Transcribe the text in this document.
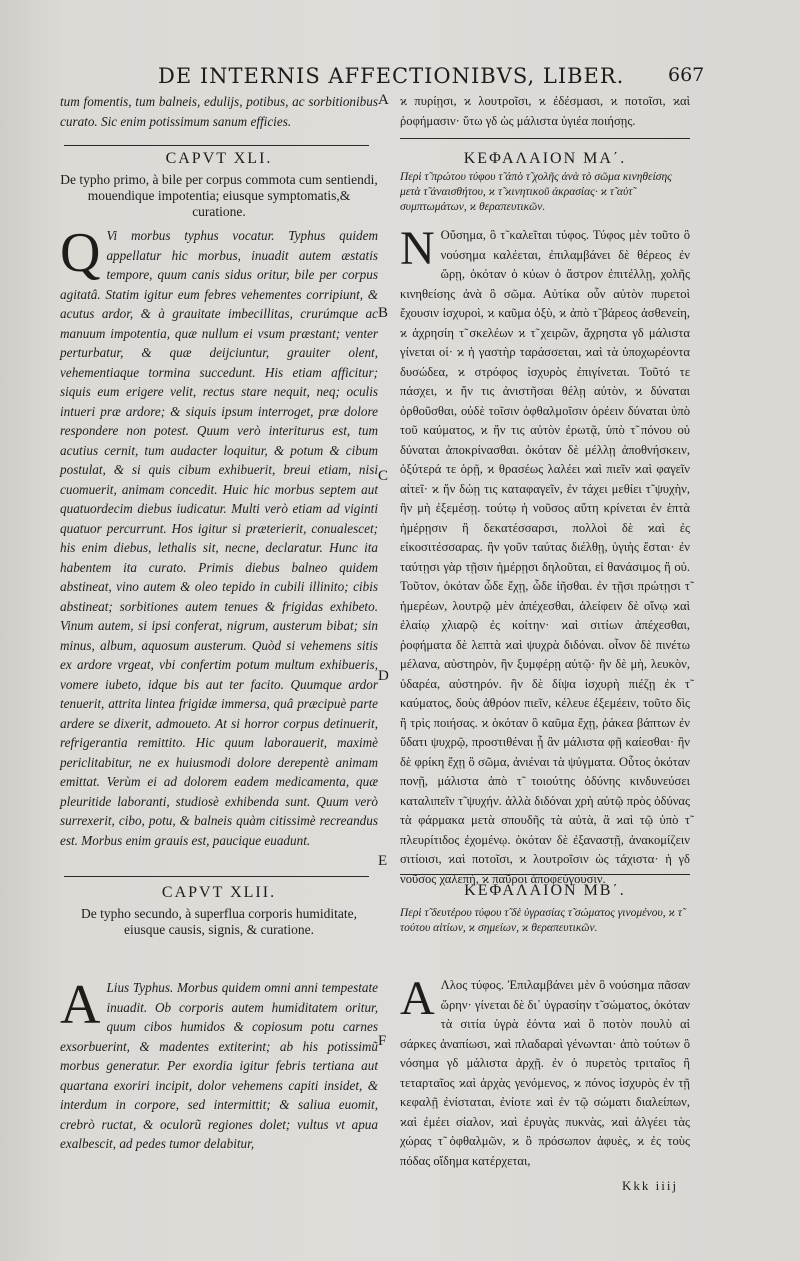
DE INTERNIS AFFECTIONIBVS, LIBER.	667
A
B
C
D
E
F
tum fomentis, tum balneis, edulijs, potibus, ac sorbitionibus curato. Sic enim potissimum sanum efficies.
ϰ πυρίῃσι, ϰ λουτροῖσι, ϰ ἐδέσμασι, ϰ ποτοῖσι, ϰαὶ ῥοφήμασιν· ὕτω γδ ὡς μάλιστα ὑγιέα ποιήσῃς.
CAPVT XLI.
De typho primo, à bile per corpus commota cum sentiendi, mouendique impotentia; eiusque symptomatis,& curatione.
Q Vi morbus typhus vocatur. Typhus quidem appellatur hic morbus, inuadit autem æstatis tempore, quum canis sidus oritur, bile per corpus agitatâ. Statim igitur eum febres vehementes corripiunt, & acutus ardor, & à grauitate imbecillitas, crurúmque ac manuum impotentia, quæ nullum ei vsum præstant; venter perturbatur, & quæ deijciuntur, grauiter olent, vehementiaque tormina succedunt. His etiam afficitur; siquis eum erigere velit, rectus stare nequit, neq; oculis intueri præ ardore; & siquis ipsum interroget, præ dolore respondere non potest. Quum verò interiturus est, tum acutius cernit, tum audacter loquitur, & potum & cibum postulat, & si quis cibum exhibuerit, breui etiam, nisi cuomuerit, animam concedit. Huic hic morbus septem aut quatuordecim diebus iudicatur. Multi verò etiam ad viginti quatuor percurrunt. Hos igitur si præterierit, conualescet; his enim diebus, lethalis sit, necne, declaratur. Hunc ita habentem ita curato. Primis diebus balneo quidem abstineat, vino autem & oleo tepido in cubili illinito; cibis abstineat; sorbitiones autem tenues & frigidas exhibeto. Vinum autem, si ipsi conferat, nigrum, austerum bibat; sin minus, album, aquosum austerum. Quòd si vehemens sitis ex ardore vrgeat, vbi confertim potum multum exhibueris, vomere iubeto, idque bis aut ter facito. Quumque ardor tenuerit, attrita lintea frigidæ immersa, quâ præcipuè parte ardere se dixerit, admoueto. At si horror corpus detinuerit, refrigerantia remittito. Hic quum laborauerit, maximè periclitabitur, ne ex huiusmodi dolore derepentè animam emittat. Verùm ei ad dolorem eadem medicamenta, quæ pleuritide laboranti, studiosè exhibenda sunt. Quum verò surrexerit, cibo, potu, & balneis quàm citissimè recreandus est. Morbus enim grauis est, paucique euadunt.
ΚΕΦΑΛΑΙΟΝ ΜΑ΄.
Περὶ τ̃ πρώτου τύφου τ̃ ἀπὸ τ̃ χολῆς ἀνὰ τὸ σῶμα κινηθείσης μετὰ τ̃ ἀναισθήτου, ϰ τ̃ ϰινητικοῦ ἀκρασίας· ϰ τ̃ αὐτ̃ συμπτωμάτων, ϰ θεραπευτικῶν.
Ν Οὔσημα, ὃ τ̃ καλεῖται τύφος. Τύφος μὲν τοῦτο ὃ νούσημα καλέεται, ἐπιλαμβάνει δὲ θέρεος ἐν ὥρῃ, ὁκόταν ὁ κύων ὁ ἄστρον ἐπιτέλλῃ, χολῆς κινηθείσης ἀνὰ ὃ σῶμα. Αὐτίκα οὖν αὐτὸν πυρετοὶ ἔχουσιν ἰσχυροὶ, ϰ καῦμα ὀξὺ, ϰ ἀπὸ τ̃ βάρεος ἀσθενείη, ϰ ἀχρησίη τ̃ σκελέων ϰ τ̃ χειρῶν, ἄχρηστα γδ μάλιστα γίνεται οἱ· ϰ ἡ γαστὴρ ταράσσεται, ϰαὶ τὰ ὑποχωρέοντα δυσώδεα, ϰ στρόφος ἰσχυρὸς ἐπιγίνεται. Τοῦτό τε πάσχει, ϰ ἤν τις ἀνιστῆσαι θέλῃ αὐτὸν, ϰ δύναται ὀρθοῦσθαι, οὐδὲ τοῖσιν ὀφθαλμοῖσιν ὁρέειν δύναται ὑπὸ τοῦ καύματος, ϰ ἤν τις αὐτὸν ἐρωτᾷ, ὑπὸ τ̃ πόνου οὐ δύναται ἀποκρίνασθαι. ὁκόταν δὲ μέλλῃ ἀποθνήσκειν, ὀξύτερά τε ὁρῇ, ϰ θρασέως λαλέει ϰαὶ πιεῖν ϰαὶ φαγεῖν αἰτεῖ· ϰ ἤν δώῃ τις καταφαγεῖν, ἐν τάχει μεθίει τ̃ ψυχὴν, ἢν μὴ ἐξεμέσῃ. τούτῳ ἡ νοῦσος αὕτη κρίνεται ἐν ἑπτὰ ἡμέρῃσιν ἢ δεκατέσσαρσι, πολλοὶ δὲ ϰαὶ ἐς εἰκοσιτέσσαρας. ἢν γοῦν ταύτας διέλθῃ, ὑγιὴς ἔσται· ἐν ταύτῃσι γὰρ τῇσιν ἡμέρῃσι δηλοῦται, εἰ θανάσιμος ἢ οὐ. Τοῦτον, ὁκόταν ὧδε ἔχῃ, ὧδε ἰῆσθαι. ἐν τῇσι πρώτῃσι τ̃ ἡμερέων, λουτρῷ μὲν ἀπέχεσθαι, ἀλείφειν δὲ οἴνῳ ϰαὶ ἐλαίῳ χλιαρῷ ἐς κοίτην· ϰαὶ σιτίων ἀπέχεσθαι, ῥοφήματα δὲ λεπτὰ ϰαὶ ψυχρὰ διδόναι. οἶνον δὲ πινέτω μέλανα, αὐστηρὸν, ἢν ξυμφέρῃ αὐτῷ· ἢν δὲ μὴ, λευκὸν, ὑδαρέα, αὐστηρόν. ἢν δὲ δίψα ἰσχυρὴ πιέζῃ ἐκ τ̃ καύματος, δοὺς ἀθρόον πιεῖν, κέλευε ἐξεμέειν, τοῦτο δὶς ἢ τρὶς ποιήσας. ϰ ὁκόταν ὃ καῦμα ἔχῃ, ῥάκεα βάπτων ἐν ὕδατι ψυχρῷ, προστιθέναι ᾗ ἂν μάλιστα φῇ καίεσθαι· ἢν δὲ φρίκη ἔχῃ ὃ σῶμα, ἀνιέναι τὰ ψύγματα. Οὗτος ὁκόταν πονῇ, μάλιστα ἀπὸ τ̃ τοιούτης ὀδύνης κινδυνεύσει καταλιπεῖν τ̃ ψυχήν. ἀλλὰ διδόναι χρὴ αὐτῷ πρὸς ὀδύνας τὰ φάρμακα μετὰ σπουδῆς τὰ αὐτὰ, ἃ ϰαὶ τῷ ὑπὸ τ̃ πλευρίτιδος ἐχομένῳ. ὁκόταν δὲ ἐξαναστῇ, ἀνακομίζειν σιτίοισι, ϰαὶ ποτοῖσι, ϰ λουτροῖσιν ὡς τάχιστα· ἡ γδ νοῦσος χαλεπὴ, ϰ παῦροι ἀποφεύγουσιν.
CAPVT XLII.
De typho secundo, à superflua corporis humiditate, eiusque causis, signis, & curatione.
A Lius Typhus. Morbus quidem omni anni tempestate inuadit. Ob corporis autem humiditatem oritur, quum cibos humidos & copiosum potu carnes exsorbuerint, & madentes extiterint; ab his potissimũ morbus generatur. Per exordia igitur febris tertiana aut quartana exoriri incipit, dolor vehemens capiti insidet, & interdum in corpore, sed intermittit; & saliua euomit, crebrò ructat, & oculorũ regiones dolet; vultus vt apua exalbescit, ad pedes tumor delabitur,
ΚΕΦΑΛΑΙΟΝ ΜΒ΄.
Περὶ τ̃ δευτέρου τύφου τ̃ δὲ ὑγρασίας τ̃ σώματος γινομένου, ϰ τ̃ τούτου αἰτίων, ϰ σημείων, ϰ θεραπευτικῶν.
Α Λλος τύφος. Ἐπιλαμβάνει μὲν ὃ νούσημα πᾶσαν ὥρην· γίνεται δὲ δι᾽ ὑγρασίην τ̃ σώματος, ὁκόταν τὰ σιτία ὑγρὰ ἐόντα ϰαὶ ὃ ποτὸν πουλὺ αἱ σάρκες ἀναπίωσι, ϰαὶ πλαδαραὶ γένωνται· ἀπὸ τούτων ὃ νόσημα γδ μάλιστα ἀρχῇ. ἐν ὁ πυρετὸς τριταῖος ἢ τεταρταῖος ϰαὶ ἀρχὰς γενόμενος, ϰ πόνος ἰσχυρὸς ἐν τῇ κεφαλῇ ἐνίσταται, ἐνίοτε ϰαὶ ἐν τῷ σώματι διαλείπων, ϰαὶ ἐμέει σίαλον, ϰαὶ ἐρυγὰς πυκνὰς, ϰαὶ ἀλγέει τὰς χώρας τ̃ ὀφθαλμῶν, ϰ ὃ πρόσωπον ἀφυὲς, ϰ ἐς τοὺς πόδας οἴδημα κατέρχεται,
Kkk iiij
